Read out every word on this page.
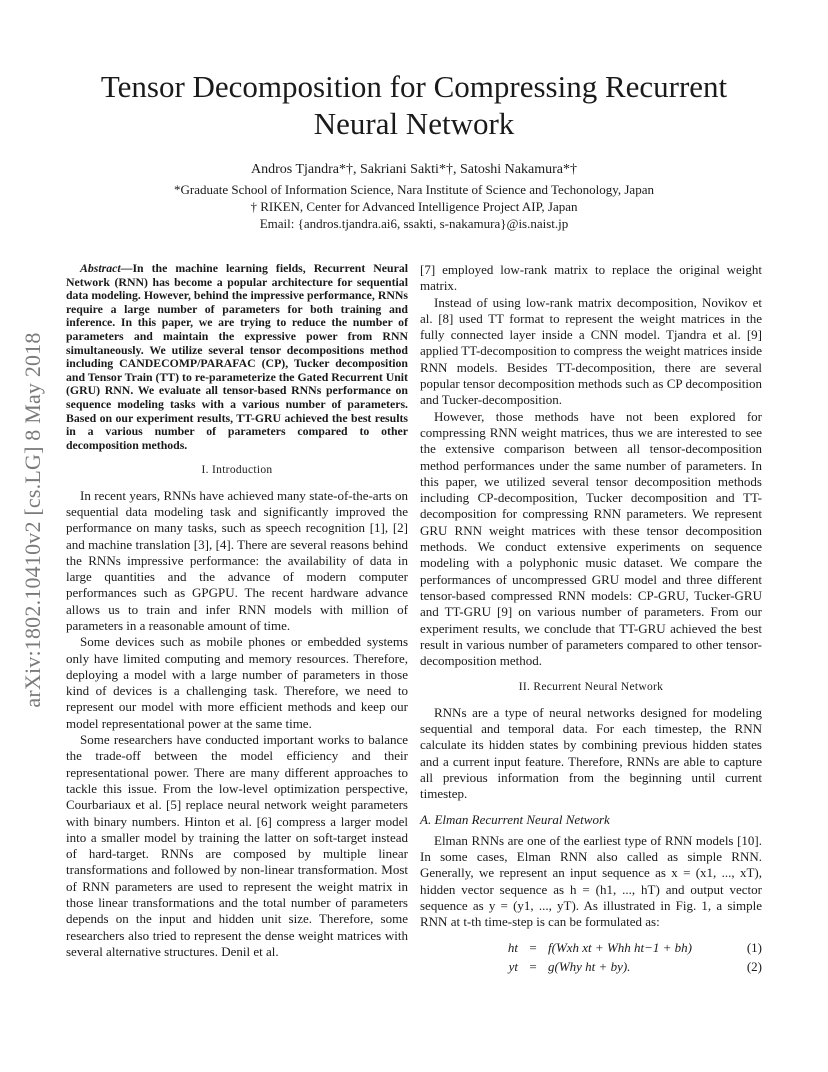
arXiv:1802.10410v2 [cs.LG] 8 May 2018
Tensor Decomposition for Compressing Recurrent
Neural Network
Andros Tjandra*†, Sakriani Sakti*†, Satoshi Nakamura*†
*Graduate School of Information Science, Nara Institute of Science and Techonology, Japan
† RIKEN, Center for Advanced Intelligence Project AIP, Japan
Email: {andros.tjandra.ai6, ssakti, s-nakamura}@is.naist.jp

Abstract—In the machine learning fields, Recurrent Neural Network (RNN) has become a popular architecture for sequential data modeling. However, behind the impressive performance, RNNs require a large number of parameters for both training and inference. In this paper, we are trying to reduce the number of parameters and maintain the expressive power from RNN simultaneously. We utilize several tensor decompositions method including CANDECOMP/PARAFAC (CP), Tucker decomposition and Tensor Train (TT) to re-parameterize the Gated Recurrent Unit (GRU) RNN. We evaluate all tensor-based RNNs performance on sequence modeling tasks with a various number of parameters. Based on our experiment results, TT-GRU achieved the best results in a various number of parameters compared to other decomposition methods.

I. Introduction

In recent years, RNNs have achieved many state-of-the-arts on sequential data modeling task and significantly improved the performance on many tasks, such as speech recognition [1], [2] and machine translation [3], [4]. There are several reasons behind the RNNs impressive performance: the availability of data in large quantities and the advance of modern computer performances such as GPGPU. The recent hardware advance allows us to train and infer RNN models with million of parameters in a reasonable amount of time.

Some devices such as mobile phones or embedded systems only have limited computing and memory resources. Therefore, deploying a model with a large number of parameters in those kind of devices is a challenging task. Therefore, we need to represent our model with more efficient methods and keep our model representational power at the same time.

Some researchers have conducted important works to balance the trade-off between the model efficiency and their representational power. There are many different approaches to tackle this issue. From the low-level optimization perspective, Courbariaux et al. [5] replace neural network weight parameters with binary numbers. Hinton et al. [6] compress a larger model into a smaller model by training the latter on soft-target instead of hard-target. RNNs are composed by multiple linear transformations and followed by non-linear transformation. Most of RNN parameters are used to represent the weight matrix in those linear transformations and the total number of parameters depends on the input and hidden unit size. Therefore, some researchers also tried to represent the dense weight matrices with several alternative structures. Denil et al.

[7] employed low-rank matrix to replace the original weight matrix.

Instead of using low-rank matrix decomposition, Novikov et al. [8] used TT format to represent the weight matrices in the fully connected layer inside a CNN model. Tjandra et al. [9] applied TT-decomposition to compress the weight matrices inside RNN models. Besides TT-decomposition, there are several popular tensor decomposition methods such as CP decomposition and Tucker-decomposition.

However, those methods have not been explored for compressing RNN weight matrices, thus we are interested to see the extensive comparison between all tensor-decomposition method performances under the same number of parameters. In this paper, we utilized several tensor decomposition methods including CP-decomposition, Tucker decomposition and TT-decomposition for compressing RNN parameters. We represent GRU RNN weight matrices with these tensor decomposition methods. We conduct extensive experiments on sequence modeling with a polyphonic music dataset. We compare the performances of uncompressed GRU model and three different tensor-based compressed RNN models: CP-GRU, Tucker-GRU and TT-GRU [9] on various number of parameters. From our experiment results, we conclude that TT-GRU achieved the best result in various number of parameters compared to other tensor-decomposition method.

II. Recurrent Neural Network

RNNs are a type of neural networks designed for modeling sequential and temporal data. For each timestep, the RNN calculate its hidden states by combining previous hidden states and a current input feature. Therefore, RNNs are able to capture all previous information from the beginning until current timestep.

A. Elman Recurrent Neural Network

Elman RNNs are one of the earliest type of RNN models [10]. In some cases, Elman RNN also called as simple RNN. Generally, we represent an input sequence as x = (x1, ..., xT), hidden vector sequence as h = (h1, ..., hT) and output vector sequence as y = (y1, ..., yT). As illustrated in Fig. 1, a simple RNN at t-th time-step is can be formulated as:

ht = f(Wxh xt + Whh ht−1 + bh)	(1)
yt = g(Why ht + by).	(2)
